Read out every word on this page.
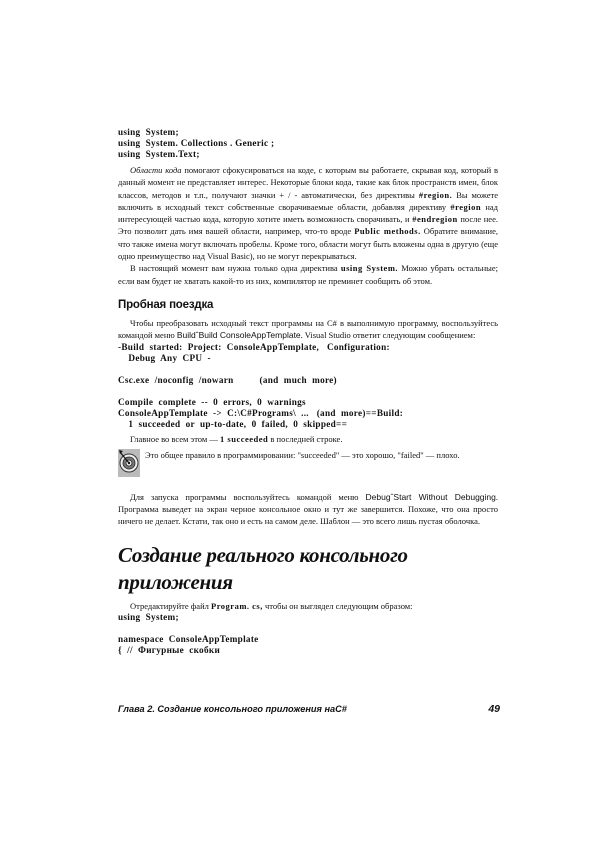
using  System;
using  System. Collections . Generic ;
using  System.Text;

Области кода помогают сфокусироваться на коде, с которым вы работаете, скрывая код, который в данный момент не представляет интерес. Некоторые блоки кода, такие как блок пространств имен, блок классов, методов и т.п., получают значки + / - автоматически, без директивы #region. Вы можете включить в исходный текст собственные сворачиваемые области, добавляя директиву #region над интересующей частью кода, которую хотите иметь возможность сворачивать, и #endregion после нее. Это позволит дать имя вашей области, например, что-то вроде Public methods. Обратите внимание, что также имена могут включать пробелы. Кроме того, области могут быть вложены одна в другую (еще одно преимущество над Visual Basic), но не могут перекрываться.

В настоящий момент вам нужна только одна директива using System. Можно убрать остальные; если вам будет не хватать какой-то из них, компилятор не преминет сообщить об этом.

Пробная поездка

Чтобы преобразовать исходный текст программы на C# в выполнимую программу, воспользуйтесь командой меню BuildˆBuild ConsoleAppTemplate. Visual Studio ответит следующим сообщением:

-Build  started:  Project:  ConsoleAppTemplate,   Configuration:
Debug  Any  CPU  -

Csc.exe  /noconfig  /nowarn          (and  much  more)

Compile  complete  --  0  errors,  0  warnings
ConsoleAppTemplate  ->  C:\C#Programs\  ...   (and  more)==Build:
1  succeeded  or  up-to-date,  0  failed,  0  skipped==

Главное во всем этом — 1 succeeded в последней строке.

Это общее правило в программировании: "succeeded" — это хорошо, "failed" — плохо.

Для запуска программы воспользуйтесь командой меню DebugˆStart Without Debugging. Программа выведет на экран черное консольное окно и тут же завершится. Похоже, что она просто ничего не делает. Кстати, так оно и есть на самом деле. Шаблон — это всего лишь пустая оболочка.

Создание реального консольного
приложения

Отредактируйте файл Program. cs, чтобы он выглядел следующим образом:

using  System;

namespace  ConsoleAppTemplate
{  //  Фигурные  скобки
Глава 2. Создание консольного приложения наC#	49
